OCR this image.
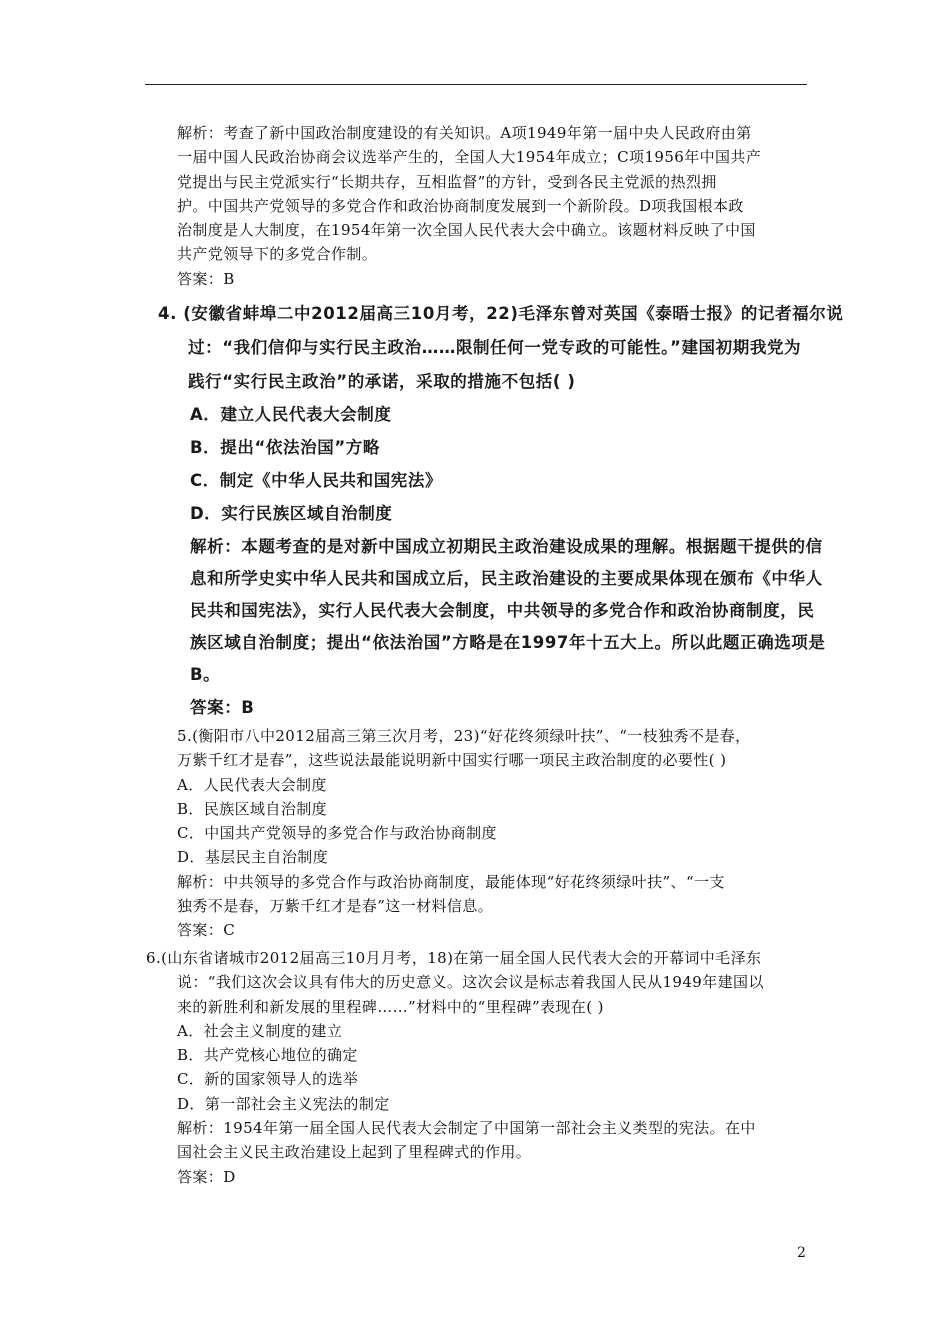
解析：考查了新中国政治制度建设的有关知识。A项1949年第一届中央人民政府由第
一届中国人民政治协商会议选举产生的，全国人大1954年成立；C项1956年中国共产
党提出与民主党派实行“长期共存，互相监督”的方针，受到各民主党派的热烈拥
护。中国共产党领导的多党合作和政治协商制度发展到一个新阶段。D项我国根本政
治制度是人大制度，在1954年第一次全国人民代表大会中确立。该题材料反映了中国
共产党领导下的多党合作制。
答案：B
4. (安徽省蚌埠二中2012届高三10月考，22)毛泽东曾对英国《泰晤士报》的记者福尔说
过：“我们信仰与实行民主政治……限制任何一党专政的可能性。”建国初期我党为
践行“实行民主政治”的承诺，采取的措施不包括( )
A．建立人民代表大会制度
B．提出“依法治国”方略
C．制定《中华人民共和国宪法》
D．实行民族区域自治制度
解析：本题考查的是对新中国成立初期民主政治建设成果的理解。根据题干提供的信
息和所学史实中华人民共和国成立后，民主政治建设的主要成果体现在颁布《中华人
民共和国宪法》，实行人民代表大会制度，中共领导的多党合作和政治协商制度，民
族区域自治制度；提出“依法治国”方略是在1997年十五大上。所以此题正确选项是
B。
答案：B
5.(衡阳市八中2012届高三第三次月考，23)“好花终须绿叶扶”、“一枝独秀不是春，
万紫千红才是春”，这些说法最能说明新中国实行哪一项民主政治制度的必要性( )
A．人民代表大会制度
B．民族区域自治制度
C．中国共产党领导的多党合作与政治协商制度
D．基层民主自治制度
解析：中共领导的多党合作与政治协商制度，最能体现“好花终须绿叶扶”、“一支
独秀不是春，万紫千红才是春”这一材料信息。
答案：C
6.(山东省诸城市2012届高三10月月考，18)在第一届全国人民代表大会的开幕词中毛泽东
说：“我们这次会议具有伟大的历史意义。这次会议是标志着我国人民从1949年建国以
来的新胜利和新发展的里程碑……”材料中的“里程碑”表现在( )
A．社会主义制度的建立
B．共产党核心地位的确定
C．新的国家领导人的选举
D．第一部社会主义宪法的制定
解析：1954年第一届全国人民代表大会制定了中国第一部社会主义类型的宪法。在中
国社会主义民主政治建设上起到了里程碑式的作用。
答案：D
2
